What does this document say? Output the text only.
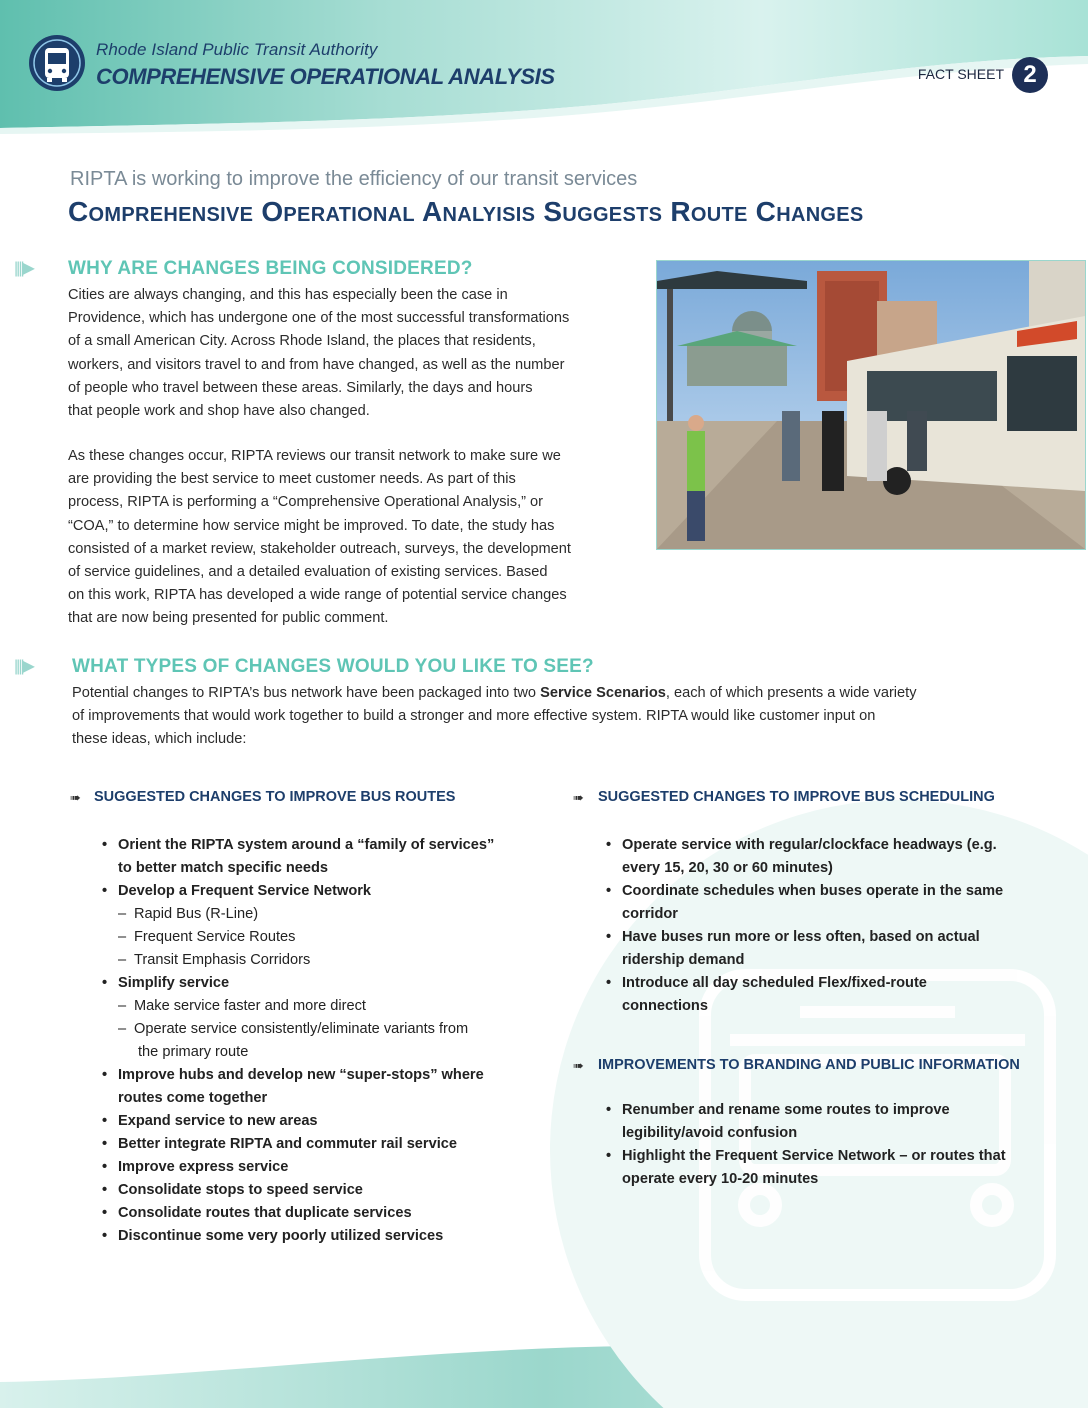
Rhode Island Public Transit Authority
COMPREHENSIVE OPERATIONAL ANALYSIS	FACT SHEET 2
RIPTA is working to improve the efficiency of our transit services
Comprehensive Operational Analyisis Suggests Route Changes
||||▶ WHY ARE CHANGES BEING CONSIDERED?
Cities are always changing, and this has especially been the case in
Providence, which has undergone one of the most successful transformations
of a small American City. Across Rhode Island, the places that residents,
workers, and visitors travel to and from have changed, as well as the number
of people who travel between these areas. Similarly, the days and hours
that people work and shop have also changed.
As these changes occur, RIPTA reviews our transit network to make sure we
are providing the best service to meet customer needs. As part of this
process, RIPTA is performing a “Comprehensive Operational Analysis,” or
“COA,” to determine how service might be improved. To date, the study has
consisted of a market review, stakeholder outreach, surveys, the development
of service guidelines, and a detailed evaluation of existing services. Based
on this work, RIPTA has developed a wide range of potential service changes
that are now being presented for public comment.
||||▶ WHAT TYPES OF CHANGES WOULD YOU LIKE TO SEE?
Potential changes to RIPTA’s bus network have been packaged into two Service Scenarios, each of which presents a wide variety
of improvements that would work together to build a stronger and more effective system. RIPTA would like customer input on
these ideas, which include:
➠ SUGGESTED CHANGES TO IMPROVE BUS ROUTES
• Orient the RIPTA system around a “family of services”
to better match specific needs
• Develop a Frequent Service Network
– Rapid Bus (R-Line)
– Frequent Service Routes
– Transit Emphasis Corridors
• Simplify service
– Make service faster and more direct
– Operate service consistently/eliminate variants from
the primary route
• Improve hubs and develop new “super-stops” where
routes come together
• Expand service to new areas
• Better integrate RIPTA and commuter rail service
• Improve express service
• Consolidate stops to speed service
• Consolidate routes that duplicate services
• Discontinue some very poorly utilized services
➠ SUGGESTED CHANGES TO IMPROVE BUS SCHEDULING
• Operate service with regular/clockface headways (e.g.
every 15, 20, 30 or 60 minutes)
• Coordinate schedules when buses operate in the same
corridor
• Have buses run more or less often, based on actual
ridership demand
• Introduce all day scheduled Flex/fixed-route
connections
➠ IMPROVEMENTS TO BRANDING AND PUBLIC INFORMATION
• Renumber and rename some routes to improve
legibility/avoid confusion
• Highlight the Frequent Service Network – or routes that
operate every 10-20 minutes
